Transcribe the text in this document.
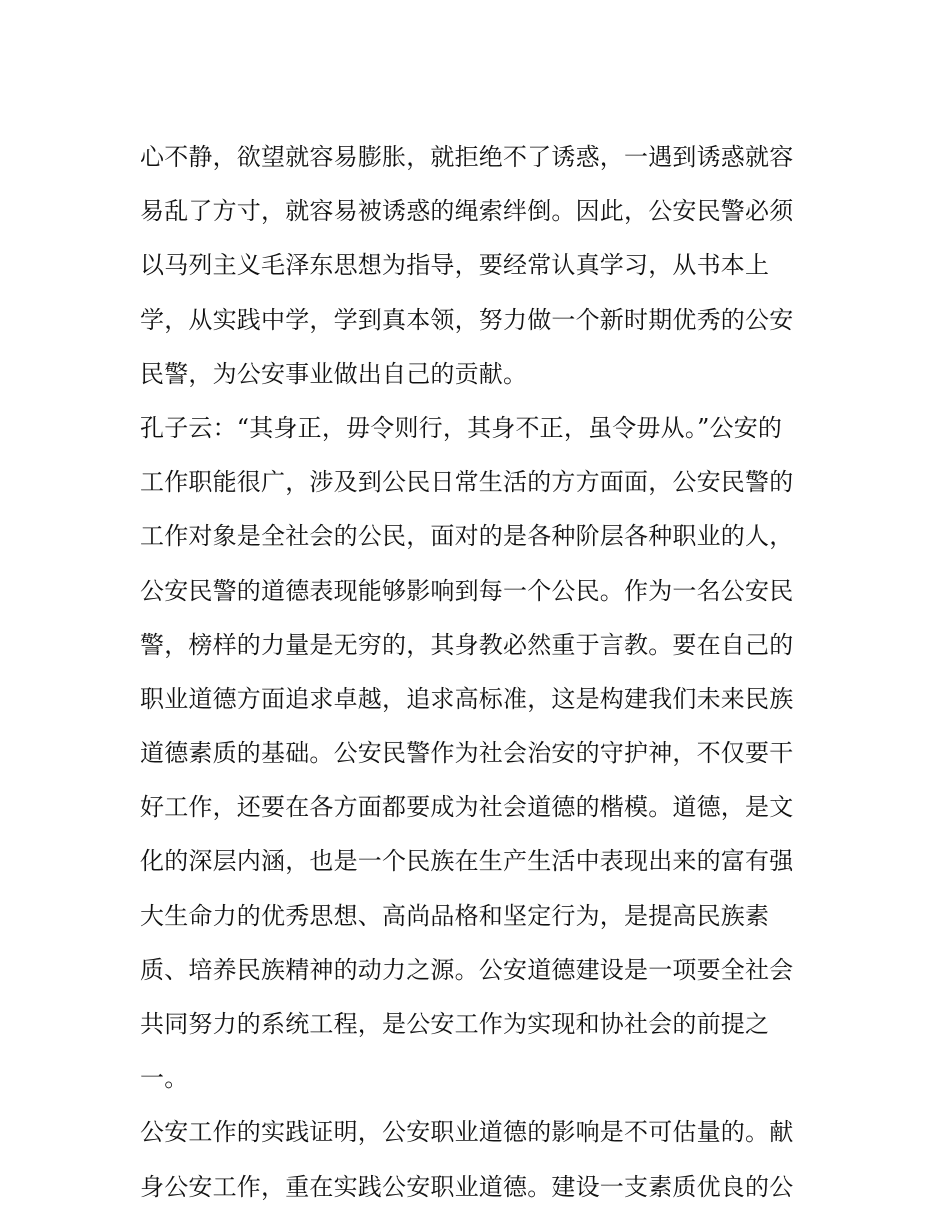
心不静，欲望就容易膨胀，就拒绝不了诱惑，一遇到诱惑就容
易乱了方寸，就容易被诱惑的绳索绊倒。因此，公安民警必须
以马列主义毛泽东思想为指导，要经常认真学习，从书本上
学，从实践中学，学到真本领，努力做一个新时期优秀的公安
民警，为公安事业做出自己的贡献。
孔子云：“其身正，毋令则行，其身不正，虽令毋从。”公安的
工作职能很广，涉及到公民日常生活的方方面面，公安民警的
工作对象是全社会的公民，面对的是各种阶层各种职业的人，
公安民警的道德表现能够影响到每一个公民。作为一名公安民
警，榜样的力量是无穷的，其身教必然重于言教。要在自己的
职业道德方面追求卓越，追求高标准，这是构建我们未来民族
道德素质的基础。公安民警作为社会治安的守护神，不仅要干
好工作，还要在各方面都要成为社会道德的楷模。道德，是文
化的深层内涵，也是一个民族在生产生活中表现出来的富有强
大生命力的优秀思想、高尚品格和坚定行为，是提高民族素
质、培养民族精神的动力之源。公安道德建设是一项要全社会
共同努力的系统工程，是公安工作为实现和协社会的前提之
一。
公安工作的实践证明，公安职业道德的影响是不可估量的。献
身公安工作，重在实践公安职业道德。建设一支素质优良的公
